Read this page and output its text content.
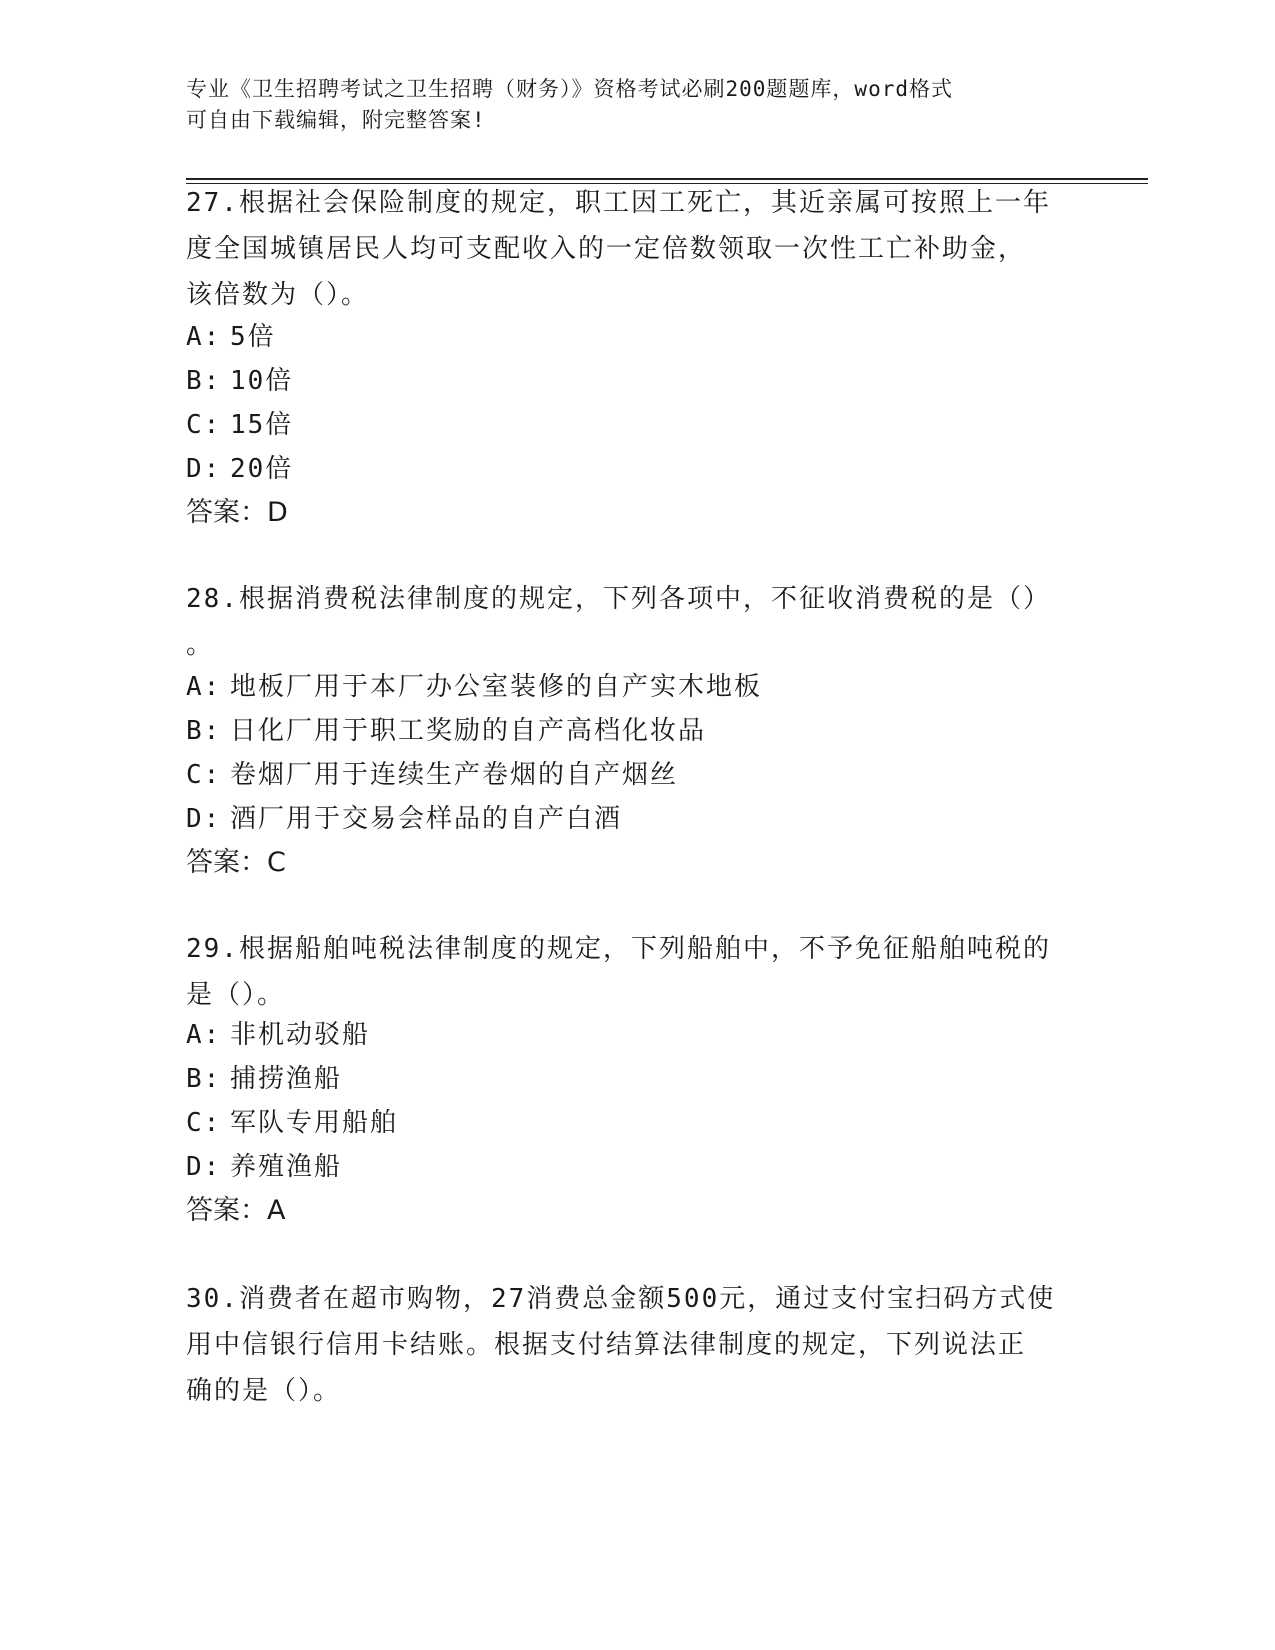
专业《卫生招聘考试之卫生招聘（财务）》资格考试必刷200题题库，word格式
可自由下载编辑，附完整答案!
27.根据社会保险制度的规定，职工因工死亡，其近亲属可按照上一年
度全国城镇居民人均可支配收入的一定倍数领取一次性工亡补助金，
该倍数为（）。
A: 5倍
B: 10倍
C: 15倍
D: 20倍
答案：D
28.根据消费税法律制度的规定，下列各项中，不征收消费税的是（）
。
A: 地板厂用于本厂办公室装修的自产实木地板
B: 日化厂用于职工奖励的自产高档化妆品
C: 卷烟厂用于连续生产卷烟的自产烟丝
D: 酒厂用于交易会样品的自产白酒
答案：C
29.根据船舶吨税法律制度的规定，下列船舶中，不予免征船舶吨税的
是（）。
A: 非机动驳船
B: 捕捞渔船
C: 军队专用船舶
D: 养殖渔船
答案：A
30.消费者在超市购物，27消费总金额500元，通过支付宝扫码方式使
用中信银行信用卡结账。根据支付结算法律制度的规定，下列说法正
确的是（）。
